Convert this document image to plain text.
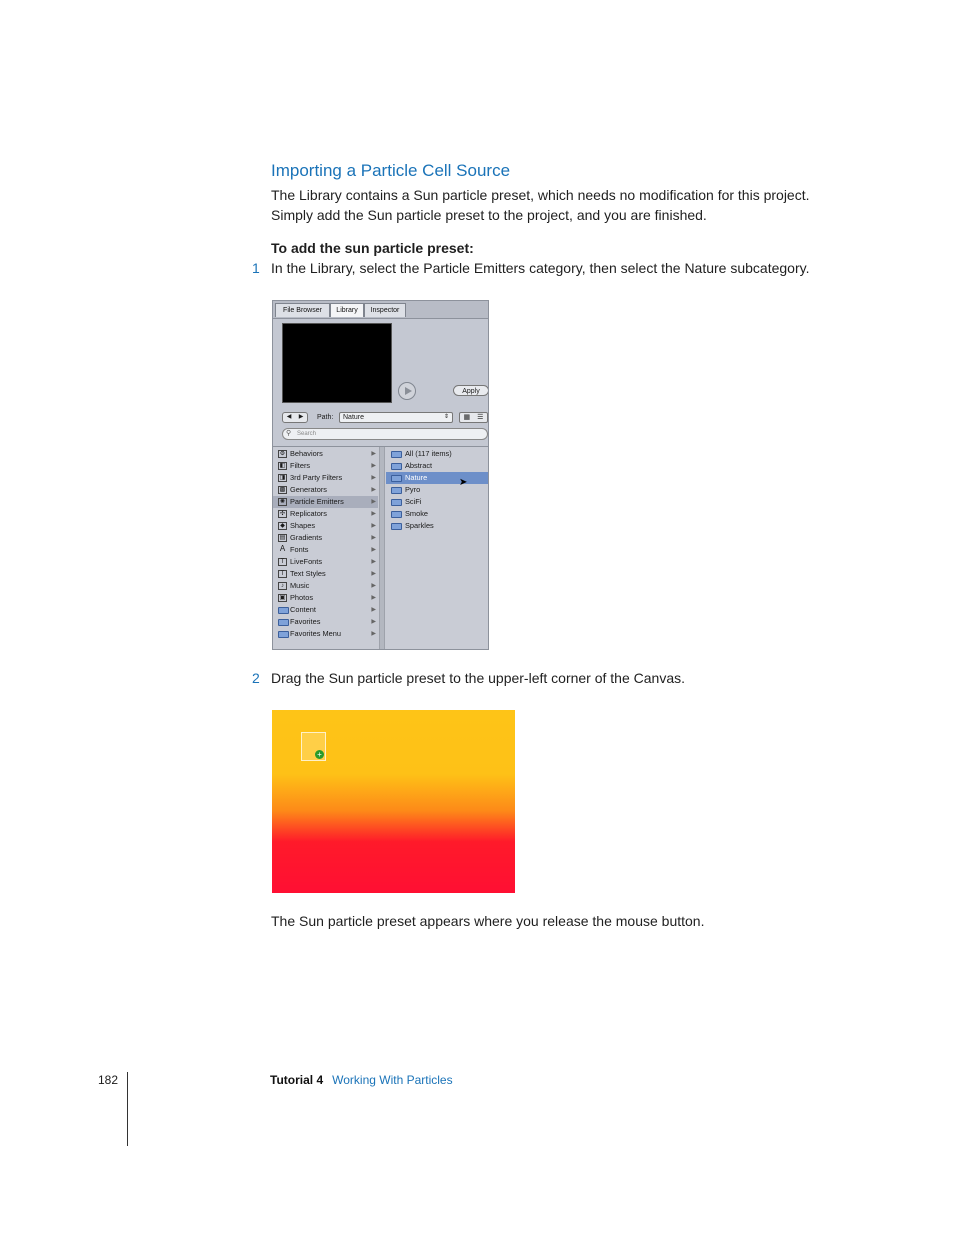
Importing a Particle Cell Source
The Library contains a Sun particle preset, which needs no modification for this project.
Simply add the Sun particle preset to the project, and you are finished.
To add the sun particle preset:
1 In the Library, select the Particle Emitters category, then select the Nature subcategory.
File Browser	Library	Inspector
Apply
◀	▶	Path:	Nature	⇕	▦	☰
⚲ Search
⚙ Behaviors	▶
◧ Filters	▶
◨ 3rd Party Filters	▶
▩ Generators	▶
✺ Particle Emitters	▶
✣ Replicators	▶
◆ Shapes	▶
▤ Gradients	▶
A Fonts	▶
T LiveFonts	▶
T Text Styles	▶
♪ Music	▶
▣ Photos	▶
Content	▶
Favorites	▶
Favorites Menu	▶
All (117 items)
Abstract
Nature
Pyro
SciFi
Smoke
Sparkles
➤
2 Drag the Sun particle preset to the upper-left corner of the Canvas.
+
The Sun particle preset appears where you release the mouse button.
182	Tutorial 4 Working With Particles
